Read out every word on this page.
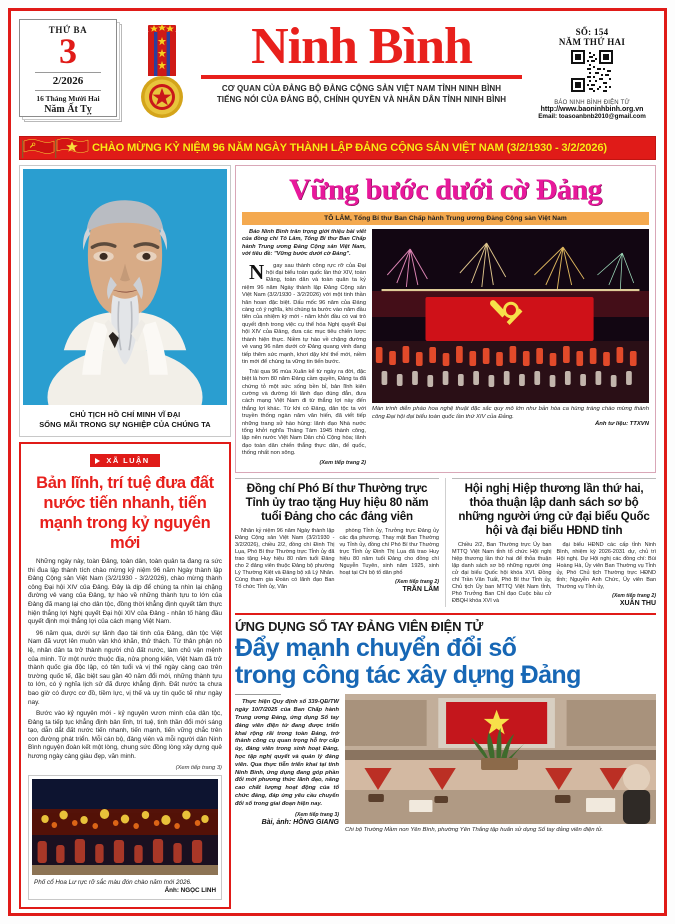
THỨ BA
3
2/2026
16 Tháng Mười Hai
Năm Ất Tỵ
Ninh Bình
CƠ QUAN CỦA ĐẢNG BỘ ĐẢNG CỘNG SẢN VIỆT NAM TỈNH NINH BÌNH
TIẾNG NÓI CỦA ĐẢNG BỘ, CHÍNH QUYỀN VÀ NHÂN DÂN TỈNH NINH BÌNH
SỐ: 154
NĂM THỨ HAI
BÁO NINH BÌNH ĐIỆN TỬ
http://www.baoninhbinh.org.vn
Email: toasoanbnb2010@gmail.com
CHÀO MỪNG KỶ NIỆM 96 NĂM NGÀY THÀNH LẬP ĐẢNG CỘNG SẢN VIỆT NAM (3/2/1930 - 3/2/2026)
CHỦ TỊCH HỒ CHÍ MINH VĨ ĐẠI
SỐNG MÃI TRONG SỰ NGHIỆP CỦA CHÚNG TA
XÃ LUẬN
Bản lĩnh, trí tuệ đưa đất nước tiến nhanh, tiến mạnh trong kỷ nguyên mới

Những ngày này, toàn Đảng, toàn dân, toàn quân ta đang ra sức thi đua lập thành tích chào mừng kỷ niệm 96 năm Ngày thành lập Đảng Cộng sản Việt Nam (3/2/1930 - 3/2/2026), chào mừng thành công Đại hội XIV của Đảng. Đây là dịp để chúng ta nhìn lại chặng đường vẻ vang của Đảng, tự hào về những thành tựu to lớn của Đảng đã mang lại cho dân tộc, đồng thời khẳng định quyết tâm thực hiện thắng lợi Nghị quyết Đại hội XIV của Đảng - nhân tố hàng đầu quyết định mọi thắng lợi của cách mạng Việt Nam.

96 năm qua, dưới sự lãnh đạo tài tình của Đảng, dân tộc Việt Nam đã vượt lên muôn vàn khó khăn, thử thách. Từ thân phận nô lệ, nhân dân ta trở thành người chủ đất nước, làm chủ vận mệnh của mình. Từ một nước thuộc địa, nửa phong kiến, Việt Nam đã trở thành quốc gia độc lập, có tên tuổi và vị thế ngày càng cao trên trường quốc tế, đặc biệt sau gần 40 năm đổi mới, những thành tựu to lớn, có ý nghĩa lịch sử đã được khẳng định. Đất nước ta chưa bao giờ có được cơ đồ, tiềm lực, vị thế và uy tín quốc tế như ngày nay.

Bước vào kỷ nguyên mới - kỷ nguyên vươn mình của dân tộc, Đảng ta tiếp tục khẳng định bản lĩnh, trí tuệ, tinh thần đổi mới sáng tạo, dẫn dắt đất nước tiến nhanh, tiến mạnh, tiến vững chắc trên con đường phát triển. Mỗi cán bộ, đảng viên và mỗi người dân Ninh Bình nguyện đoàn kết một lòng, chung sức đồng lòng xây dựng quê hương ngày càng giàu đẹp, văn minh.

(Xem tiếp trang 3)
Phố cổ Hoa Lư rực rỡ sắc màu đón chào năm mới 2026.
Ảnh: NGỌC LINH
Vững bước dưới cờ Đảng
TÔ LÂM, Tổng Bí thư Ban Chấp hành Trung ương Đảng Cộng sản Việt Nam
Báo Ninh Bình trân trọng giới thiệu bài viết của đồng chí Tô Lâm, Tổng Bí thư Ban Chấp hành Trung ương Đảng Cộng sản Việt Nam, với tiêu đề: "Vững bước dưới cờ Đảng".

Ngay sau thành công rực rỡ của Đại hội đại biểu toàn quốc lần thứ XIV, toàn Đảng, toàn dân và toàn quân ta kỷ niệm 96 năm Ngày thành lập Đảng Cộng sản Việt Nam (3/2/1930 - 3/2/2026) với một tinh thần hân hoan đặc biệt. Dấu mốc 96 năm của Đảng càng có ý nghĩa, khi chúng ta bước vào năm đầu tiên của nhiệm kỳ mới - năm khởi đầu có vai trò quyết định trong việc cụ thể hóa Nghị quyết Đại hội XIV của Đảng, đưa các mục tiêu chiến lược thành hiện thực. Niềm tự hào về chặng đường vẻ vang 96 năm dưới cờ Đảng quang vinh đang tiếp thêm sức mạnh, khơi dậy khí thế mới, niềm tin mới để chúng ta vững tin tiến bước.

Trải qua 96 mùa Xuân kể từ ngày ra đời, đặc biệt là hơn 80 năm Đảng cầm quyền, Đảng ta đã chứng tỏ một sức sống bền bỉ, bản lĩnh kiên cường và đường lối lãnh đạo đúng đắn, đưa cách mạng Việt Nam đi từ thắng lợi này đến thắng lợi khác. Từ khi có Đảng, dân tộc ta với truyền thống ngàn năm văn hiến, đã viết tiếp những trang sử hào hùng: lãnh đạo Nhà nước tổng khởi nghĩa Tháng Tám 1945 thành công, lập nên nước Việt Nam Dân chủ Cộng hòa; lãnh đạo toàn dân chiến thắng thực dân, đế quốc, thống nhất non sông.

(Xem tiếp trang 2)
Màn trình diễn pháo hoa nghệ thuật đặc sắc quy mô lớn như bản hòa ca hùng tráng chào mừng thành công Đại hội đại biểu toàn quốc lần thứ XIV của Đảng.
Ảnh tư liệu: TTXVN
Đồng chí Phó Bí thư Thường trực Tỉnh ủy trao tặng Huy hiệu 80 năm tuổi Đảng cho các đảng viên

Nhân kỷ niệm 96 năm Ngày thành lập Đảng Cộng sản Việt Nam (3/2/1930 - 3/2/2026), chiều 2/2, đồng chí Đinh Thị Lụa, Phó Bí thư Thường trực Tỉnh ủy đã trao tặng Huy hiệu 80 năm tuổi Đảng cho 2 đảng viên thuộc Đảng bộ phường Lý Thường Kiệt và Đảng bộ xã Lý Nhân. Cùng tham gia Đoàn có lãnh đạo Ban Tổ chức Tỉnh ủy, Văn

phòng Tỉnh ủy, Trưởng trực Đảng ủy các địa phương. Thay mặt Ban Thường vụ Tỉnh ủy, đồng chí Phó Bí thư Thường trực Tỉnh ủy Đinh Thị Lụa đã trao Huy hiệu 80 năm tuổi Đảng cho đồng chí Nguyễn Tuyên, sinh năm 1925, sinh hoạt tại Chi bộ tổ dân phố

(Xem tiếp trang 2)
TRẦN LÂM
Hội nghị Hiệp thương lần thứ hai, thỏa thuận lập danh sách sơ bộ những người ứng cử đại biểu Quốc hội và đại biểu HĐND tỉnh

Chiều 2/2, Ban Thường trực Ủy ban MTTQ Việt Nam tỉnh tổ chức Hội nghị hiệp thương lần thứ hai để thỏa thuận lập danh sách sơ bộ những người ứng cử đại biểu Quốc hội khóa XVI. Đồng chí Trần Văn Tuất, Phó Bí thư Tỉnh ủy, Chủ tịch Ủy ban MTTQ Việt Nam tỉnh, Phó Trưởng Ban Chỉ đạo Cuộc bầu cử ĐBQH khóa XVI và

đại biểu HĐND các cấp tỉnh Ninh Bình, nhiệm kỳ 2026-2031 dự, chủ trì Hội nghị. Dự Hội nghị các đồng chí: Bùi Hoàng Hà, Ủy viên Ban Thường vụ Tỉnh ủy, Phó Chủ tịch Thường trực HĐND tỉnh; Nguyễn Anh Chức, Ủy viên Ban Thường vụ Tỉnh ủy,

(Xem tiếp trang 2)
XUÂN THU
ỨNG DỤNG SỔ TAY ĐẢNG VIÊN ĐIỆN TỬ
Đẩy mạnh chuyển đổi số
trong công tác xây dựng Đảng

Thực hiện Quy định số 339-QĐ/TW ngày 10/7/2025 của Ban Chấp hành Trung ương Đảng, ứng dụng Sổ tay đảng viên điện tử đang được triển khai rộng rãi trong toàn Đảng, trở thành công cụ quan trọng hỗ trợ cấp ủy, đảng viên trong sinh hoạt Đảng, học tập nghị quyết và quản lý đảng viên. Qua thực tiễn triển khai tại tỉnh Ninh Bình, ứng dụng đang góp phần đổi mới phương thức lãnh đạo, nâng cao chất lượng hoạt động của tổ chức đảng, đáp ứng yêu cầu chuyển đổi số trong giai đoạn hiện nay.

(Xem tiếp trang 3)
Bài, ảnh: HỒNG GIANG
Chi bộ Trường Mầm non Yên Bình, phường Yên Thắng tập huấn sử dụng Sổ tay đảng viên điện tử.
